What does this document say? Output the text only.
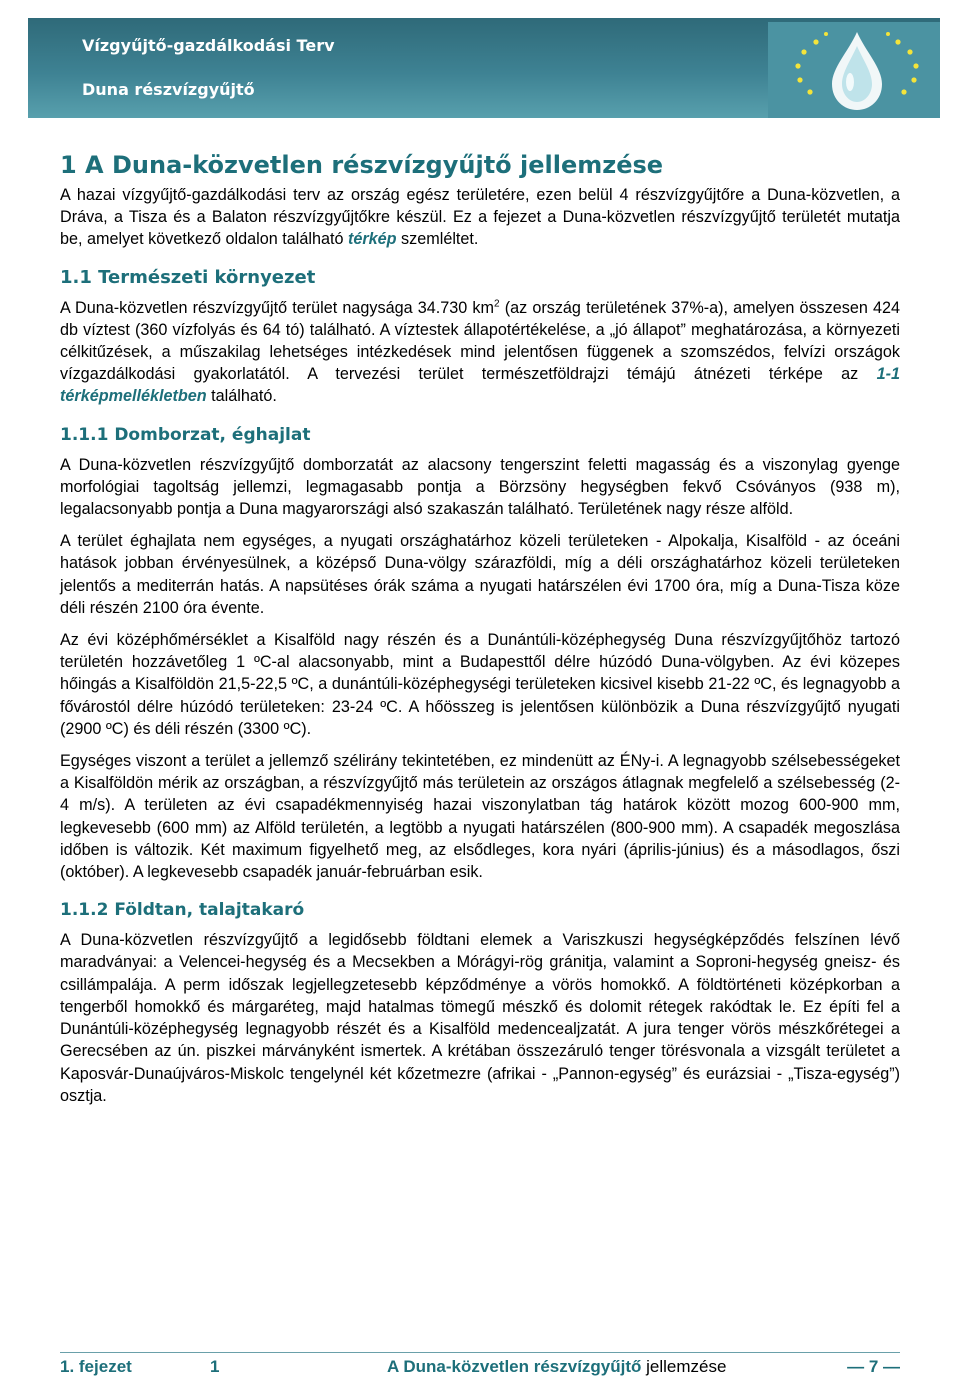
Vízgyűjtő-gazdálkodási Terv
Duna részvízgyűjtő
1 A Duna-közvetlen részvízgyűjtő jellemzése

A hazai vízgyűjtő-gazdálkodási terv az ország egész területére, ezen belül 4 részvízgyűjtőre a Duna-közvetlen, a Dráva, a Tisza és a Balaton részvízgyűjtőkre készül. Ez a fejezet a Duna-közvetlen részvízgyűjtő területét mutatja be, amelyet következő oldalon található térkép szemléltet.

1.1 Természeti környezet

A Duna-közvetlen részvízgyűjtő terület nagysága 34.730 $km^2$ (az ország területének 37%-a), amelyen összesen 424 db víztest (360 vízfolyás és 64 tó) található. A víztestek állapotértékelése, a „jó állapot” meghatározása, a környezeti célkitűzések, a műszakilag lehetséges intézkedések mind jelentősen függenek a szomszédos, felvízi országok vízgazdálkodási gyakorlatától. A tervezési terület természetföldrajzi témájú átnézeti térképe az 1-1 térképmellékletben található.

1.1.1 Domborzat, éghajlat

A Duna-közvetlen részvízgyűjtő domborzatát az alacsony tengerszint feletti magasság és a viszonylag gyenge morfológiai tagoltság jellemzi, legmagasabb pontja a Börzsöny hegységben fekvő Csóványos (938 m), legalacsonyabb pontja a Duna magyarországi alsó szakaszán található. Területének nagy része alföld.

A terület éghajlata nem egységes, a nyugati országhatárhoz közeli területeken - Alpokalja, Kisalföld - az óceáni hatások jobban érvényesülnek, a középső Duna-völgy szárazföldi, míg a déli országhatárhoz közeli területeken jelentős a mediterrán hatás. A napsütéses órák száma a nyugati határszélen évi 1700 óra, míg a Duna-Tisza köze déli részén 2100 óra évente.

Az évi középhőmérséklet a Kisalföld nagy részén és a Dunántúli-középhegység Duna részvízgyűjtőhöz tartozó területén hozzávetőleg 1 ºC-al alacsonyabb, mint a Budapesttől délre húzódó Duna-völgyben. Az évi közepes hőingás a Kisalföldön 21,5-22,5 ºC, a dunántúli-középhegységi területeken kicsivel kisebb 21-22 ºC, és legnagyobb a fővárostól délre húzódó területeken: 23-24 ºC. A hőösszeg is jelentősen különbözik a Duna részvízgyűjtő nyugati (2900 ºC) és déli részén (3300 ºC).

Egységes viszont a terület a jellemző szélirány tekintetében, ez mindenütt az ÉNy-i. A legnagyobb szélsebességeket a Kisalföldön mérik az országban, a részvízgyűjtő más területein az országos átlagnak megfelelő a szélsebesség (2-4 m/s). A területen az évi csapadékmennyiség hazai viszonylatban tág határok között mozog 600-900 mm, legkevesebb (600 mm) az Alföld területén, a legtöbb a nyugati határszélen (800-900 mm). A csapadék megoszlása időben is változik. Két maximum figyelhető meg, az elsődleges, kora nyári (április-június) és a másodlagos, őszi (október). A legkevesebb csapadék január-februárban esik.

1.1.2 Földtan, talajtakaró

A Duna-közvetlen részvízgyűjtő a legidősebb földtani elemek a Variszkuszi hegységképződés felszínen lévő maradványai: a Velencei-hegység és a Mecsekben a Mórágyi-rög gránitja, valamint a Soproni-hegység gneisz- és csillámpalája. A perm időszak legjellegzetesebb képződménye a vörös homokkő. A földtörténeti középkorban a tengerből homokkő és márgaréteg, majd hatalmas tömegű mészkő és dolomit rétegek rakódtak le. Ez építi fel a Dunántúli-középhegység legnagyobb részét és a Kisalföld medencealjzatát. A jura tenger vörös mészkőrétegei a Gerecsében az ún. piszkei márványként ismertek. A krétában összezáruló tenger törésvonala a vizsgált területet a Kaposvár-Dunaújváros-Miskolc tengelynél két kőzetmezre (afrikai - „Pannon-egység” és eurázsiai - „Tisza-egység”) osztja.

1. fejezet	1	A Duna-közvetlen részvízgyűjtő jellemzése	— 7 —
